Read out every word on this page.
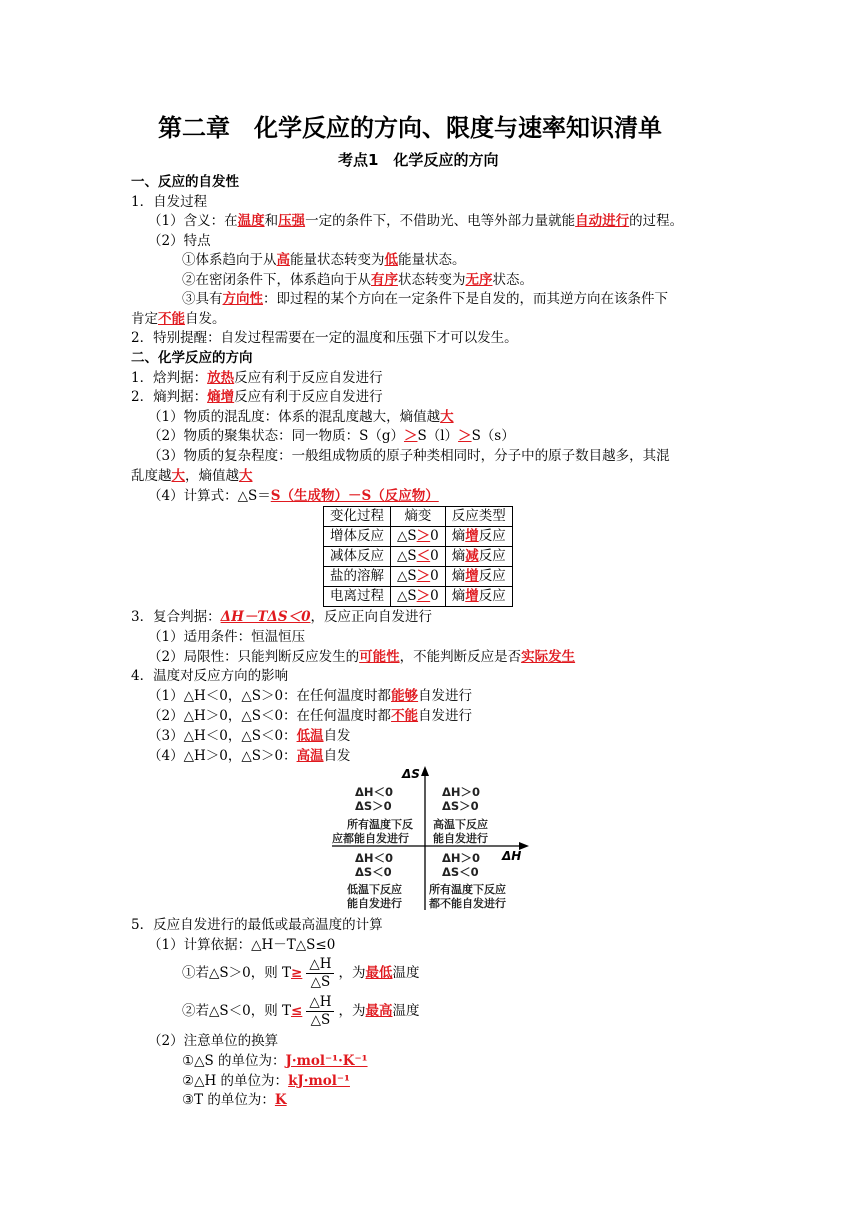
第二章　化学反应的方向、限度与速率知识清单
考点1　化学反应的方向
一、反应的自发性
1．自发过程
（1）含义：在温度和压强一定的条件下，不借助光、电等外部力量就能自动进行的过程。
（2）特点
①体系趋向于从高能量状态转变为低能量状态。
②在密闭条件下，体系趋向于从有序状态转变为无序状态。
③具有方向性：即过程的某个方向在一定条件下是自发的，而其逆方向在该条件下
肯定不能自发。
2．特别提醒：自发过程需要在一定的温度和压强下才可以发生。
二、化学反应的方向
1．焓判据：放热反应有利于反应自发进行
2．熵判据：熵增反应有利于反应自发进行
（1）物质的混乱度：体系的混乱度越大，熵值越大
（2）物质的聚集状态：同一物质：S（g）＞S（l）＞S（s）
（3）物质的复杂程度：一般组成物质的原子种类相同时，分子中的原子数目越多，其混
乱度越大，熵值越大
（4）计算式：△S＝S（生成物）－S（反应物）
变化过程	熵变	反应类型
增体反应	△S＞0	熵增反应
减体反应	△S＜0	熵减反应
盐的溶解	△S＞0	熵增反应
电离过程	△S＞0	熵增反应
3．复合判据：ΔH－TΔS＜0，反应正向自发进行
（1）适用条件：恒温恒压
（2）局限性：只能判断反应发生的可能性，不能判断反应是否实际发生
4．温度对反应方向的影响
（1）△H＜0，△S＞0：在任何温度时都能够自发进行
（2）△H＞0，△S＜0：在任何温度时都不能自发进行
（3）△H＜0，△S＜0：低温自发
（4）△H＞0，△S＞0：高温自发
ΔS
ΔH
ΔH＜0
ΔS＞0
所有温度下反
应都能自发进行
ΔH＞0
ΔS＞0
高温下反应
能自发进行
ΔH＜0
ΔS＜0
低温下反应
能自发进行
ΔH＞0
ΔS＜0
所有温度下反应
都不能自发进行
5．反应自发进行的最低或最高温度的计算
（1）计算依据：△H－T△S≤0
①若△S＞0，则 $T\ge \frac{\triangle H}{\triangle S}$ ，为最低温度
②若△S＜0，则 $T\le \frac{\triangle H}{\triangle S}$ ，为最高温度
（2）注意单位的换算
①△S 的单位为：J·mol⁻¹·K⁻¹
②△H 的单位为：kJ·mol⁻¹
③T 的单位为：K
